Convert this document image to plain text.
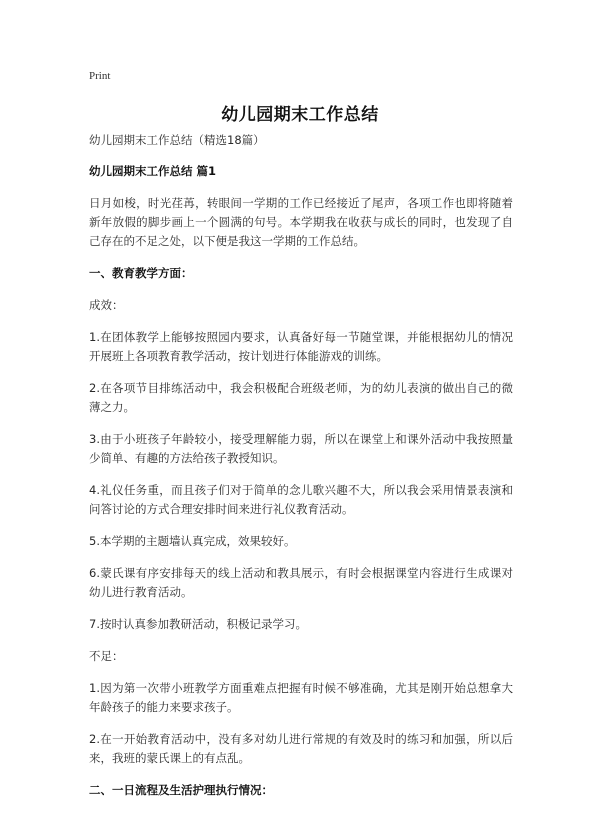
Print
幼儿园期末工作总结

幼儿园期末工作总结（精选18篇）

幼儿园期末工作总结 篇1

日月如梭，时光荏苒，转眼间一学期的工作已经接近了尾声，各项工作也即将随着新年放假的脚步画上一个圆满的句号。本学期我在收获与成长的同时，也发现了自己存在的不足之处，以下便是我这一学期的工作总结。

一、教育教学方面：

成效：

1.在团体教学上能够按照园内要求，认真备好每一节随堂课，并能根据幼儿的情况开展班上各项教育教学活动，按计划进行体能游戏的训练。

2.在各项节目排练活动中，我会积极配合班级老师，为的幼儿表演的做出自己的微薄之力。

3.由于小班孩子年龄较小，接受理解能力弱，所以在课堂上和课外活动中我按照量少简单、有趣的方法给孩子教授知识。

4.礼仪任务重，而且孩子们对于简单的念儿歌兴趣不大，所以我会采用情景表演和问答讨论的方式合理安排时间来进行礼仪教育活动。

5.本学期的主题墙认真完成，效果较好。

6.蒙氏课有序安排每天的线上活动和教具展示，有时会根据课堂内容进行生成课对幼儿进行教育活动。

7.按时认真参加教研活动，积极记录学习。

不足：

1.因为第一次带小班教学方面重难点把握有时候不够准确，尤其是刚开始总想拿大年龄孩子的能力来要求孩子。

2.在一开始教育活动中，没有多对幼儿进行常规的有效及时的练习和加强，所以后来，我班的蒙氏课上的有点乱。

二、一日流程及生活护理执行情况：
